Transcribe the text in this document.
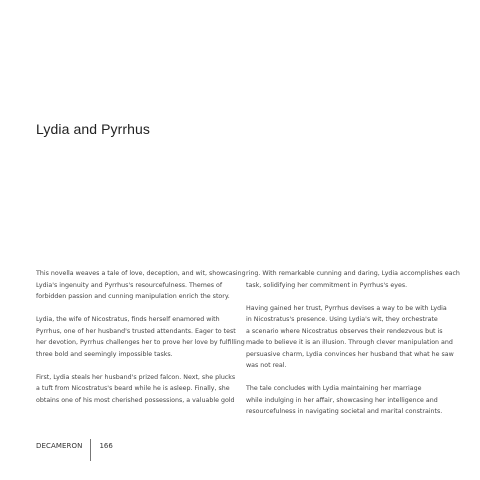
Lydia and Pyrrhus

This novella weaves a tale of love, deception, and wit, showcasing
Lydia's ingenuity and Pyrrhus's resourcefulness. Themes of
forbidden passion and cunning manipulation enrich the story.

Lydia, the wife of Nicostratus, finds herself enamored with
Pyrrhus, one of her husband's trusted attendants. Eager to test
her devotion, Pyrrhus challenges her to prove her love by fulfilling
three bold and seemingly impossible tasks.

First, Lydia steals her husband's prized falcon. Next, she plucks
a tuft from Nicostratus's beard while he is asleep. Finally, she
obtains one of his most cherished possessions, a valuable gold

ring. With remarkable cunning and daring, Lydia accomplishes each
task, solidifying her commitment in Pyrrhus's eyes.

Having gained her trust, Pyrrhus devises a way to be with Lydia
in Nicostratus's presence. Using Lydia's wit, they orchestrate
a scenario where Nicostratus observes their rendezvous but is
made to believe it is an illusion. Through clever manipulation and
persuasive charm, Lydia convinces her husband that what he saw
was not real.

The tale concludes with Lydia maintaining her marriage
while indulging in her affair, showcasing her intelligence and
resourcefulness in navigating societal and marital constraints.

DECAMERON 166
